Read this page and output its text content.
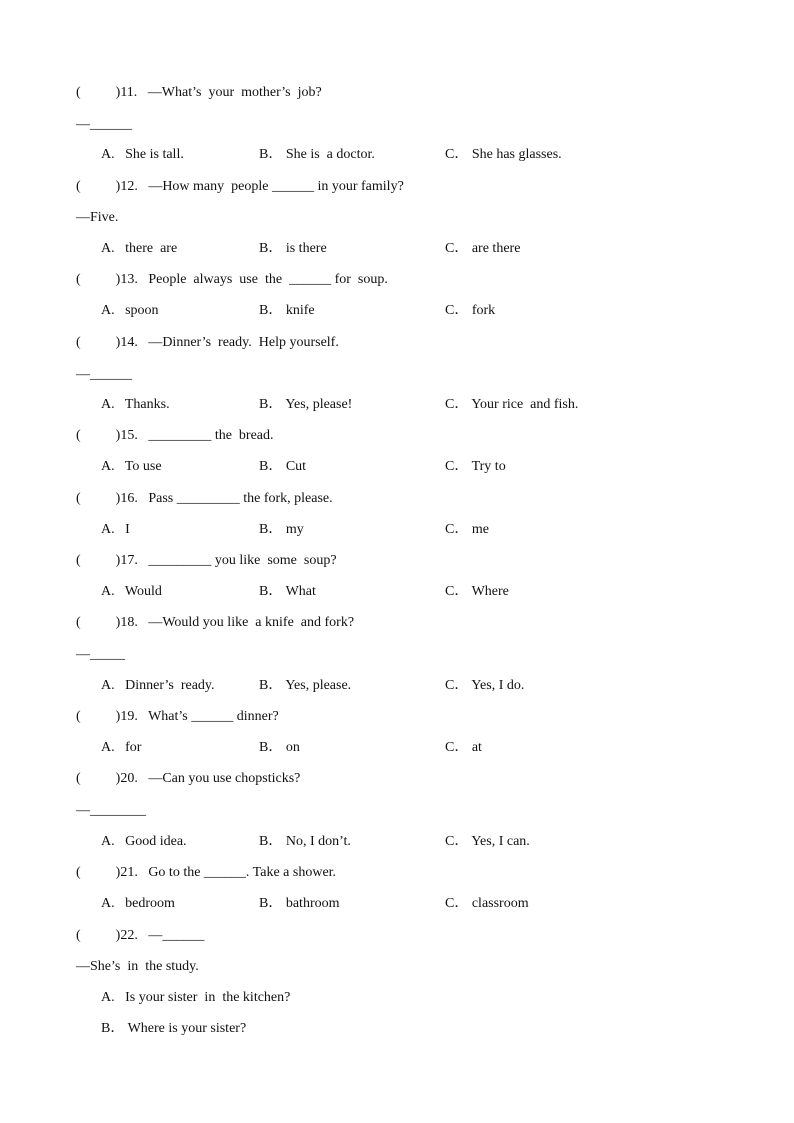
(          )11.   —What’s  your  mother’s  job?
—______
A.   She is tall.	B． She is  a doctor.	C． She has glasses.
(          )12.   —How many  people ______ in your family?
—Five.
A.   there  are	B． is there	C． are there
(          )13.   People  always  use  the  ______ for  soup.
A.   spoon	B． knife	C． fork
(          )14.   —Dinner’s  ready.  Help yourself.
—______
A.   Thanks.	B． Yes, please!	C． Your rice  and fish.
(          )15.   _________ the  bread.
A.   To use	B． Cut	C． Try to
(          )16.   Pass _________ the fork, please.
A.   I	B． my	C． me
(          )17.   _________ you like  some  soup?
A.   Would	B． What	C． Where
(          )18.   —Would you like  a knife  and fork?
—_____
A.   Dinner’s  ready.	B． Yes, please.	C． Yes, I do.
(          )19.   What’s ______ dinner?
A.   for	B． on	C． at
(          )20.   —Can you use chopsticks?
—________
A.   Good idea.	B． No, I don’t.	C． Yes, I can.
(          )21.   Go to the ______. Take a shower.
A.   bedroom	B． bathroom	C． classroom
(          )22.   —______
—She’s  in  the study.
A.   Is your sister  in  the kitchen?
B． Where is your sister?
